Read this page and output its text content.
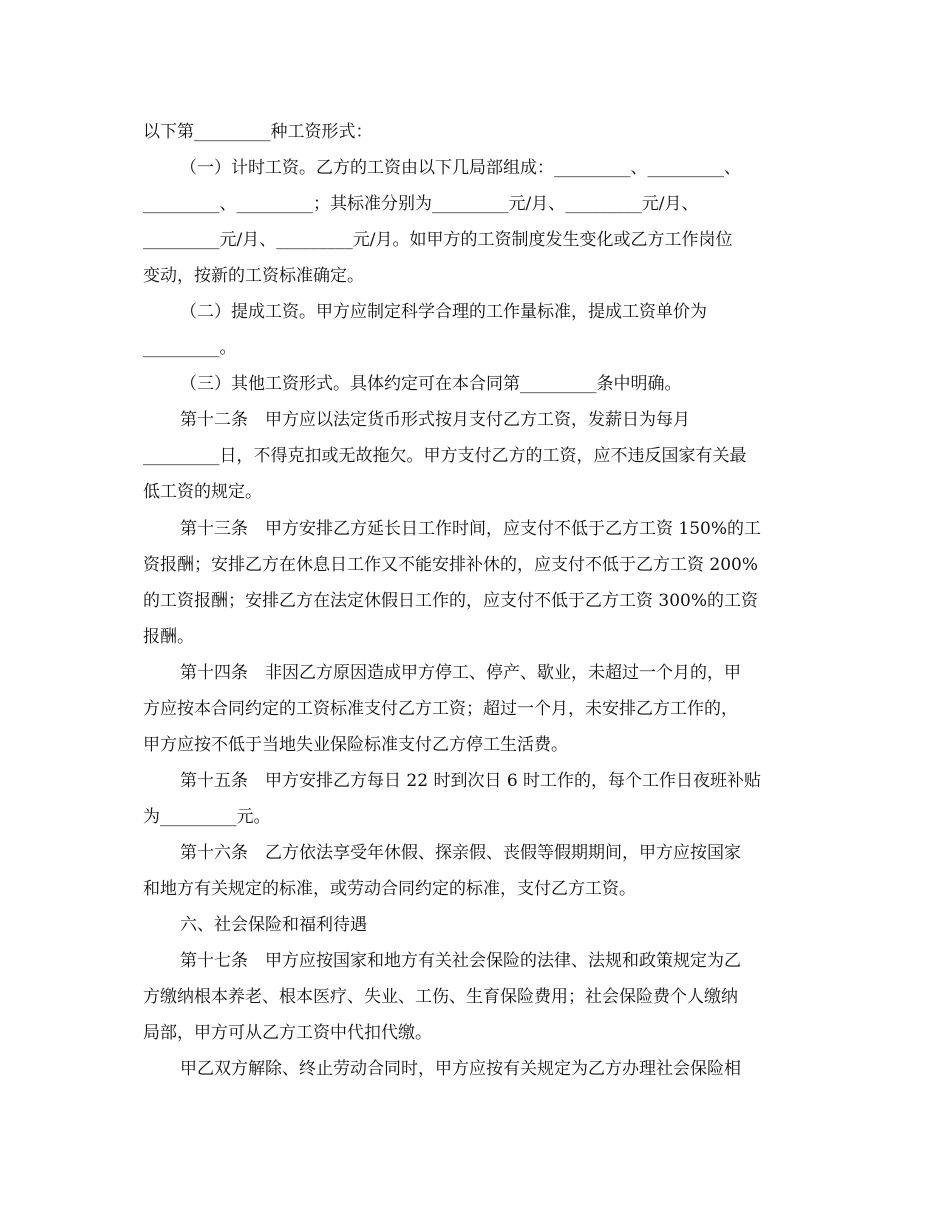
以下第_________种工资形式：
（一）计时工资。乙方的工资由以下几局部组成：_________、_________、
_________、_________；其标准分别为_________元/月、_________元/月、
_________元/月、_________元/月。如甲方的工资制度发生变化或乙方工作岗位
变动，按新的工资标准确定。
（二）提成工资。甲方应制定科学合理的工作量标准，提成工资单价为
_________。
（三）其他工资形式。具体约定可在本合同第_________条中明确。
第十二条　甲方应以法定货币形式按月支付乙方工资，发薪日为每月
_________日，不得克扣或无故拖欠。甲方支付乙方的工资，应不违反国家有关最
低工资的规定。
第十三条　甲方安排乙方延长日工作时间，应支付不低于乙方工资 150%的工
资报酬；安排乙方在休息日工作又不能安排补休的，应支付不低于乙方工资 200%
的工资报酬；安排乙方在法定休假日工作的，应支付不低于乙方工资 300%的工资
报酬。
第十四条　非因乙方原因造成甲方停工、停产、歇业，未超过一个月的，甲
方应按本合同约定的工资标准支付乙方工资；超过一个月，未安排乙方工作的，
甲方应按不低于当地失业保险标准支付乙方停工生活费。
第十五条　甲方安排乙方每日 22 时到次日 6 时工作的，每个工作日夜班补贴
为_________元。
第十六条　乙方依法享受年休假、探亲假、丧假等假期期间，甲方应按国家
和地方有关规定的标准，或劳动合同约定的标准，支付乙方工资。
六、社会保险和福利待遇
第十七条　甲方应按国家和地方有关社会保险的法律、法规和政策规定为乙
方缴纳根本养老、根本医疗、失业、工伤、生育保险费用；社会保险费个人缴纳
局部，甲方可从乙方工资中代扣代缴。
甲乙双方解除、终止劳动合同时，甲方应按有关规定为乙方办理社会保险相
